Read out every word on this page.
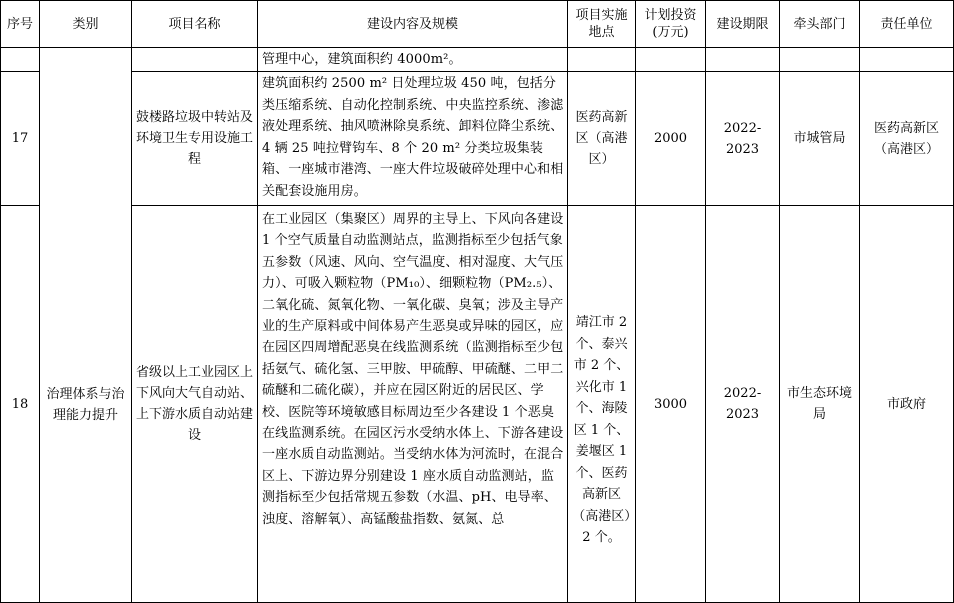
序号	类别	项目名称	建设内容及规模	项目实施地点	计划投资(万元)	建设期限	牵头部门	责任单位
	治理体系与治理能力提升		管理中心，建筑面积约 4000m²。					
17		鼓楼路垃圾中转站及环境卫生专用设施工程	建筑面积约 2500 m² 日处理垃圾 450 吨，包括分类压缩系统、自动化控制系统、中央监控系统、渗滤液处理系统、抽风喷淋除臭系统、卸料位降尘系统、4 辆 25 吨拉臂钩车、8 个 20 m² 分类垃圾集装箱、一座城市港湾、一座大件垃圾破碎处理中心和相关配套设施用房。	医药高新区（高港区）	2000	2022-2023	市城管局	医药高新区（高港区）
18		省级以上工业园区上下风向大气自动站、上下游水质自动站建设	在工业园区（集聚区）周界的主导上、下风向各建设 1 个空气质量自动监测站点，监测指标至少包括气象五参数（风速、风向、空气温度、相对湿度、大气压力）、可吸入颗粒物（PM₁₀）、细颗粒物（PM₂.₅）、二氧化硫、氮氧化物、一氧化碳、臭氧；涉及主导产业的生产原料或中间体易产生恶臭或异味的园区，应在园区四周增配恶臭在线监测系统（监测指标至少包括氨气、硫化氢、三甲胺、甲硫醇、甲硫醚、二甲二硫醚和二硫化碳），并应在园区附近的居民区、学校、医院等环境敏感目标周边至少各建设 1 个恶臭在线监测系统。在园区污水受纳水体上、下游各建设一座水质自动监测站。当受纳水体为河流时，在混合区上、下游边界分别建设 1 座水质自动监测站，监测指标至少包括常规五参数（水温、pH、电导率、浊度、溶解氧）、高锰酸盐指数、氨氮、总	靖江市 2 个、泰兴市 2 个、兴化市 1 个、海陵区 1 个、姜堰区 1 个、医药高新区（高港区）2 个。	3000	2022-2023	市生态环境局	市政府
